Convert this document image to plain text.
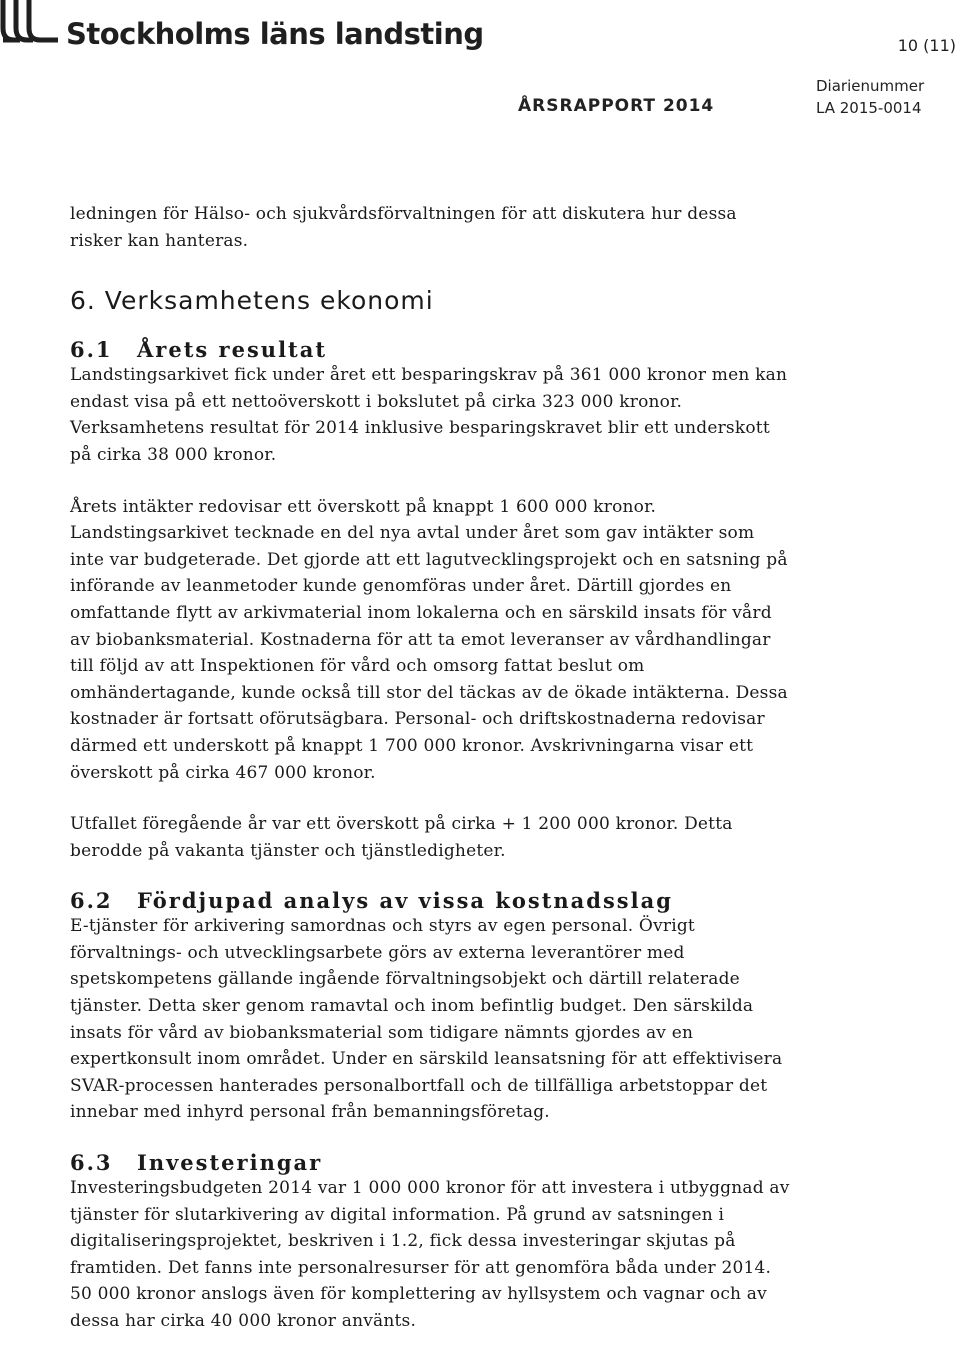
Stockholms läns landsting	10 (11)
ÅRSRAPPORT 2014
Diarienummer
LA 2015-0014

ledningen för Hälso- och sjukvårdsförvaltningen för att diskutera hur dessa risker kan hanteras.

6. Verksamhetens ekonomi
6.1	Årets resultat

Landstingsarkivet fick under året ett besparingskrav på 361 000 kronor men kan endast visa på ett nettoöverskott i bokslutet på cirka 323 000 kronor. Verksamhetens resultat för 2014 inklusive besparingskravet blir ett underskott på cirka 38 000 kronor.

Årets intäkter redovisar ett överskott på knappt 1 600 000 kronor. Landstingsarkivet tecknade en del nya avtal under året som gav intäkter som inte var budgeterade. Det gjorde att ett lagutvecklingsprojekt och en satsning på införande av leanmetoder kunde genomföras under året. Därtill gjordes en omfattande flytt av arkivmaterial inom lokalerna och en särskild insats för vård av biobanksmaterial. Kostnaderna för att ta emot leveranser av vårdhandlingar till följd av att Inspektionen för vård och omsorg fattat beslut om omhändertagande, kunde också till stor del täckas av de ökade intäkterna. Dessa kostnader är fortsatt oförutsägbara. Personal- och driftskostnaderna redovisar därmed ett underskott på knappt 1 700 000 kronor. Avskrivningarna visar ett överskott på cirka 467 000 kronor.

Utfallet föregående år var ett överskott på cirka + 1 200 000 kronor. Detta berodde på vakanta tjänster och tjänstledigheter.

6.2	Fördjupad analys av vissa kostnadsslag

E-tjänster för arkivering samordnas och styrs av egen personal. Övrigt förvaltnings- och utvecklingsarbete görs av externa leverantörer med spetskompetens gällande ingående förvaltningsobjekt och därtill relaterade tjänster. Detta sker genom ramavtal och inom befintlig budget. Den särskilda insats för vård av biobanksmaterial som tidigare nämnts gjordes av en expertkonsult inom området. Under en särskild leansatsning för att effektivisera SVAR-processen hanterades personalbortfall och de tillfälliga arbetstoppar det innebar med inhyrd personal från bemanningsföretag.

6.3	Investeringar

Investeringsbudgeten 2014 var 1 000 000 kronor för att investera i utbyggnad av tjänster för slutarkivering av digital information. På grund av satsningen i digitaliseringsprojektet, beskriven i 1.2, fick dessa investeringar skjutas på framtiden. Det fanns inte personalresurser för att genomföra båda under 2014. 50 000 kronor anslogs även för komplettering av hyllsystem och vagnar och av dessa har cirka 40 000 kronor använts.
